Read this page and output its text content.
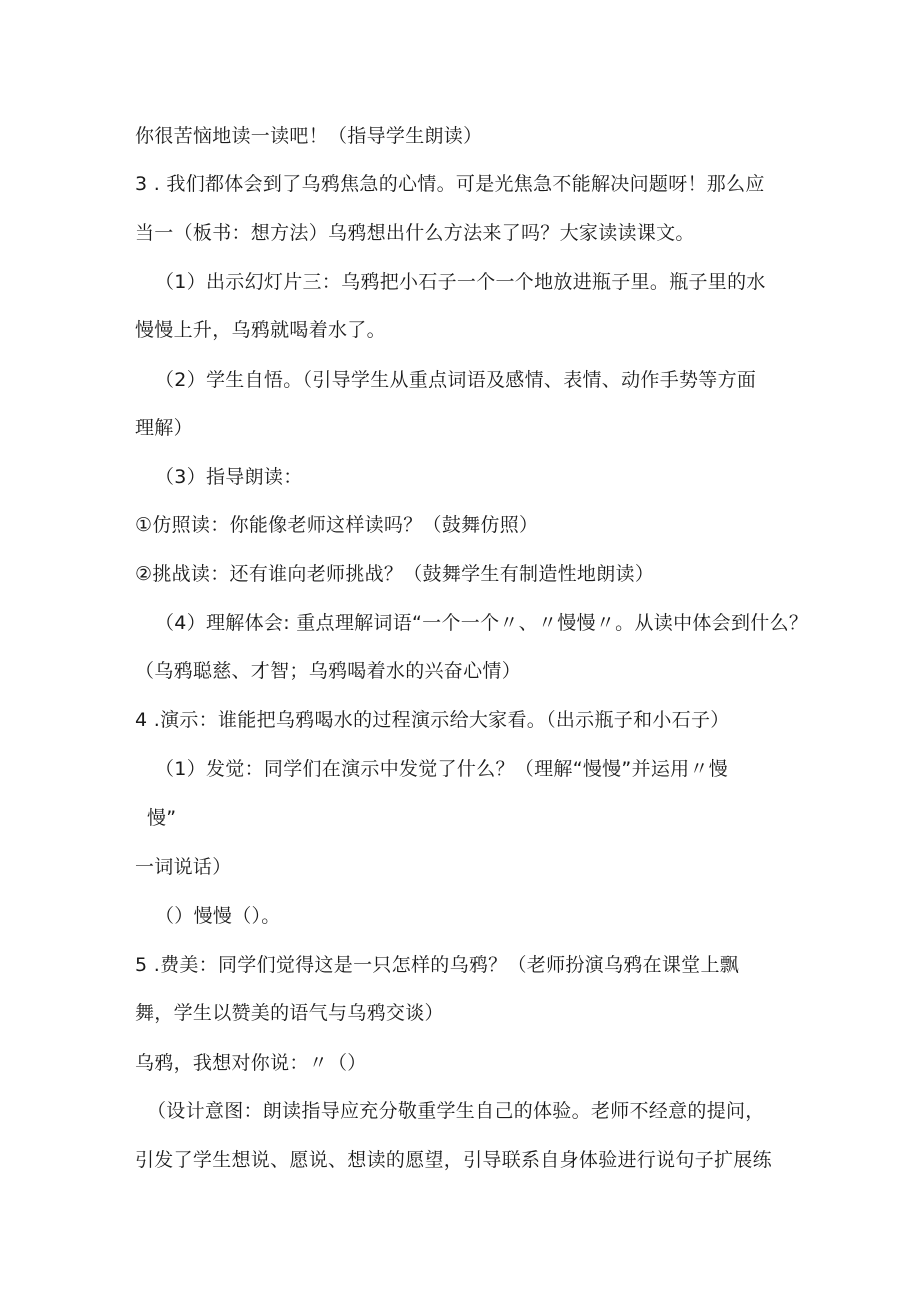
你很苦恼地读一读吧！（指导学生朗读）
3 . 我们都体会到了乌鸦焦急的心情。可是光焦急不能解决问题呀！那么应
当一（板书：想方法）乌鸦想出什么方法来了吗？大家读读课文。
（1）出示幻灯片三：乌鸦把小石子一个一个地放进瓶子里。瓶子里的水
慢慢上升，乌鸦就喝着水了。
（2）学生自悟。（引导学生从重点词语及感情、表情、动作手势等方面
理解）
（3）指导朗读：
①仿照读：你能像老师这样读吗？（鼓舞仿照）
②挑战读：还有谁向老师挑战？（鼓舞学生有制造性地朗读）
（4）理解体会: 重点理解词语“一个一个〃、〃慢慢〃。从读中体会到什么？
（乌鸦聪慈、才智；乌鸦喝着水的兴奋心情）
4 .演示：谁能把乌鸦喝水的过程演示给大家看。（出示瓶子和小石子）
（1）发觉：同学们在演示中发觉了什么？（理解“慢慢”并运用〃慢
慢”
一词说话）
（）慢慢（）。
5 .费美：同学们觉得这是一只怎样的乌鸦？（老师扮演乌鸦在课堂上飘
舞，学生以赞美的语气与乌鸦交谈）
乌鸦，我想对你说：〃（）
（设计意图：朗读指导应充分敬重学生自己的体验。老师不经意的提问，
引发了学生想说、愿说、想读的愿望，引导联系自身体验进行说句子扩展练
